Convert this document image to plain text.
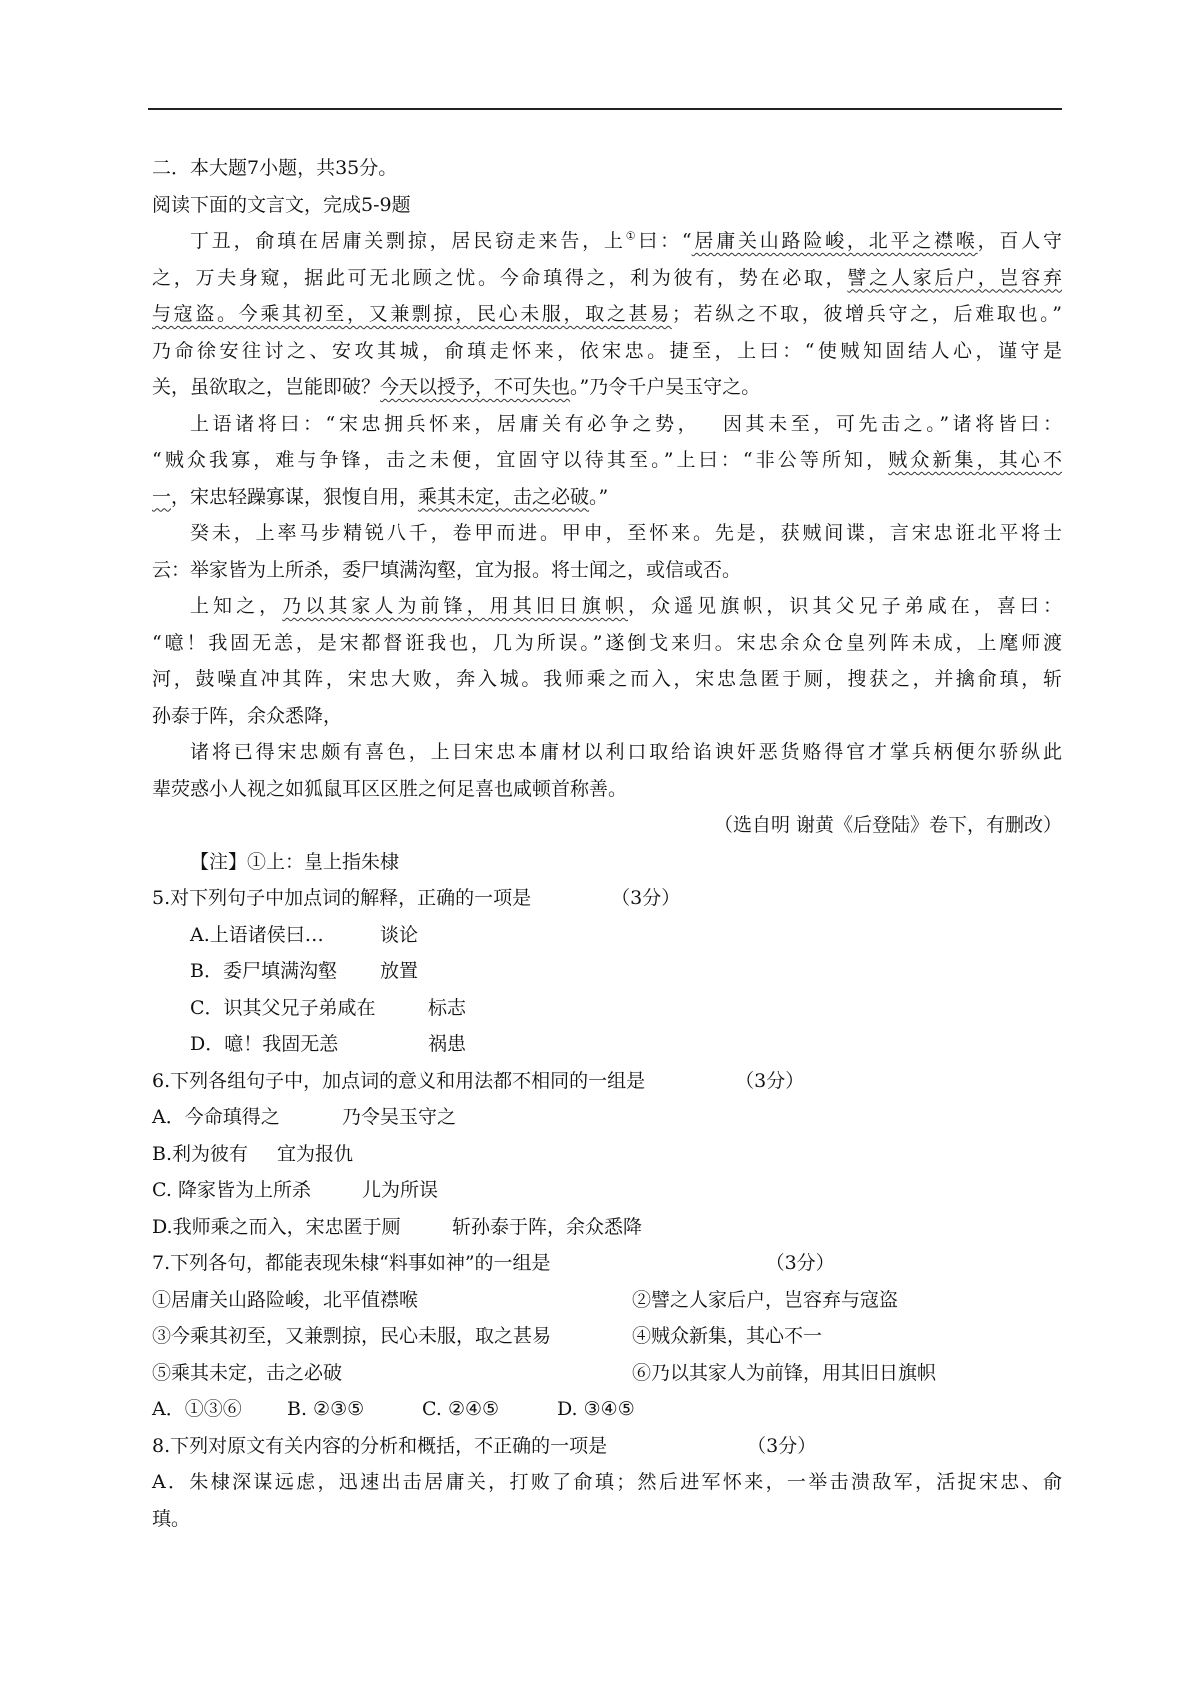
二．本大题7小题，共35分。
阅读下面的文言文，完成5-9题
丁丑，俞瑱在居庸关剽掠，居民窃走来告，上①曰：“居庸关山路险峻，北平之襟喉，百人守
之，万夫身窥，据此可无北顾之忧。今命瑱得之，利为彼有，势在必取，譬之人家后户，岂容弃
与寇盗。今乘其初至，又兼剽掠，民心未服，取之甚易；若纵之不取，彼增兵守之，后难取也。”
乃命徐安往讨之、安攻其城，俞瑱走怀来，依宋忠。捷至，上曰：“使贼知固结人心，谨守是
关，虽欲取之，岂能即破？今天以授予，不可失也。”乃令千户吴玉守之。
上语诸将曰：“宋忠拥兵怀来，居庸关有必争之势，　 因其未至，可先击之。”诸将皆曰：
“贼众我寡，难与争锋，击之未便，宜固守以待其至。”上曰：“非公等所知，贼众新集，其心不
一，宋忠轻躁寡谋，狠愎自用，乘其未定，击之必破。”
癸未，上率马步精锐八千，卷甲而进。甲申，至怀来。先是，获贼间谍，言宋忠诳北平将士
云：举家皆为上所杀，委尸填满沟壑，宜为报。将士闻之，或信或否。
上知之，乃以其家人为前锋，用其旧日旗帜，众遥见旗帜，识其父兄子弟咸在，喜曰：
“噫！我固无恙，是宋都督诳我也，几为所误。”遂倒戈来归。宋忠余众仓皇列阵未成，上麾师渡
河，鼓噪直冲其阵，宋忠大败，奔入城。我师乘之而入，宋忠急匿于厕，搜获之，并擒俞瑱，斩
孙泰于阵，余众悉降，
诸将已得宋忠颇有喜色，上曰宋忠本庸材以利口取给谄谀奸恶货赂得官才掌兵柄便尔骄纵此
辈荧惑小人视之如狐鼠耳区区胜之何足喜也咸顿首称善。
（选自明 谢黄《后登陆》卷下，有删改）
【注】①上：皇上指朱棣
5.对下列句子中加点词的解释，正确的一项是	（3分）
A.上语诸侯曰…	谈论
B．委尸填满沟壑 放置
C．识其父兄子弟咸在	标志
D．噫！我固无恙	祸患
6.下列各组句子中，加点词的意义和用法都不相同的一组是	（3分）
A．今命瑱得之	乃令吴玉守之
B.利为彼有 宜为报仇
C. 降家皆为上所杀	儿为所误
D.我师乘之而入，宋忠匿于厕	斩孙泰于阵，余众悉降
7.下列各句，都能表现朱棣“料事如神”的一组是	（3分）
①居庸关山路险峻，北平值襟喉	②譬之人家后户，岂容弃与寇盗
③今乘其初至，又兼剽掠，民心未服，取之甚易	④贼众新集，其心不一
⑤乘其未定，击之必破	⑥乃以其家人为前锋，用其旧日旗帜
A．①③⑥ B. ②③⑤	C. ②④⑤	D. ③④⑤
8.下列对原文有关内容的分析和概括，不正确的一项是	（3分）
A．朱棣深谋远虑，迅速出击居庸关，打败了俞瑱；然后进军怀来，一举击溃敌军，活捉宋忠、俞
瑱。
